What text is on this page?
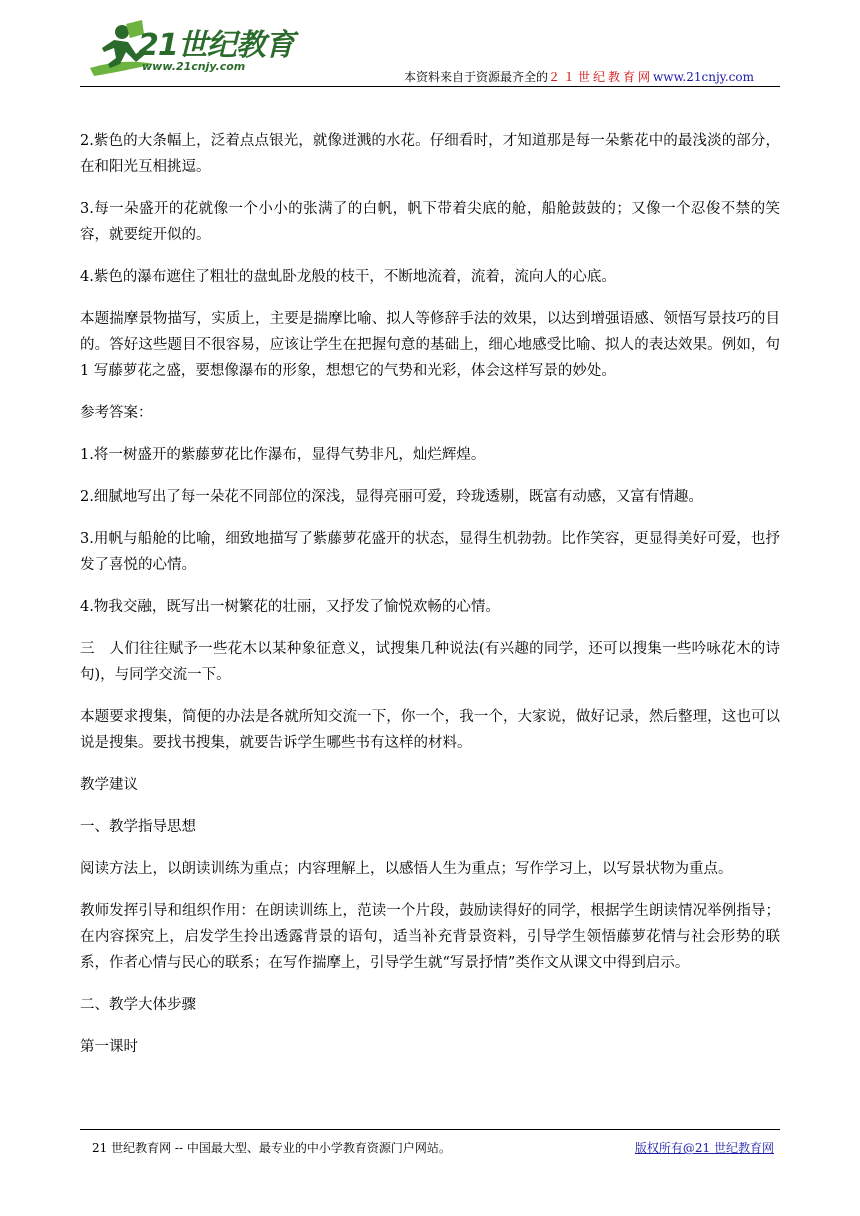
21世纪教育
www.21cnjy.com
本资料来自于资源最齐全的２１世纪教育网www.21cnjy.com

2.紫色的大条幅上，泛着点点银光，就像迸溅的水花。仔细看时，才知道那是每一朵紫花中的最浅淡的部分，在和阳光互相挑逗。

3.每一朵盛开的花就像一个小小的张满了的白帆，帆下带着尖底的舱，船舱鼓鼓的；又像一个忍俊不禁的笑容，就要绽开似的。

4.紫色的瀑布遮住了粗壮的盘虬卧龙般的枝干，不断地流着，流着，流向人的心底。

本题揣摩景物描写，实质上，主要是揣摩比喻、拟人等修辞手法的效果，以达到增强语感、领悟写景技巧的目的。答好这些题目不很容易，应该让学生在把握句意的基础上，细心地感受比喻、拟人的表达效果。例如，句 1 写藤萝花之盛，要想像瀑布的形象，想想它的气势和光彩，体会这样写景的妙处。

参考答案：

1.将一树盛开的紫藤萝花比作瀑布，显得气势非凡，灿烂辉煌。

2.细腻地写出了每一朵花不同部位的深浅，显得亮丽可爱，玲珑透剔，既富有动感，又富有情趣。

3.用帆与船舱的比喻，细致地描写了紫藤萝花盛开的状态，显得生机勃勃。比作笑容，更显得美好可爱，也抒发了喜悦的心情。

4.物我交融，既写出一树繁花的壮丽，又抒发了愉悦欢畅的心情。

三　人们往往赋予一些花木以某种象征意义，试搜集几种说法(有兴趣的同学，还可以搜集一些吟咏花木的诗句)，与同学交流一下。

本题要求搜集，简便的办法是各就所知交流一下，你一个，我一个，大家说，做好记录，然后整理，这也可以说是搜集。要找书搜集，就要告诉学生哪些书有这样的材料。

教学建议

一、教学指导思想

阅读方法上，以朗读训练为重点；内容理解上，以感悟人生为重点；写作学习上，以写景状物为重点。

教师发挥引导和组织作用：在朗读训练上，范读一个片段，鼓励读得好的同学，根据学生朗读情况举例指导；在内容探究上，启发学生拎出透露背景的语句，适当补充背景资料，引导学生领悟藤萝花情与社会形势的联系，作者心情与民心的联系；在写作揣摩上，引导学生就“写景抒情”类作文从课文中得到启示。

二、教学大体步骤

第一课时

21 世纪教育网 -- 中国最大型、最专业的中小学教育资源门户网站。	版权所有@21 世纪教育网
